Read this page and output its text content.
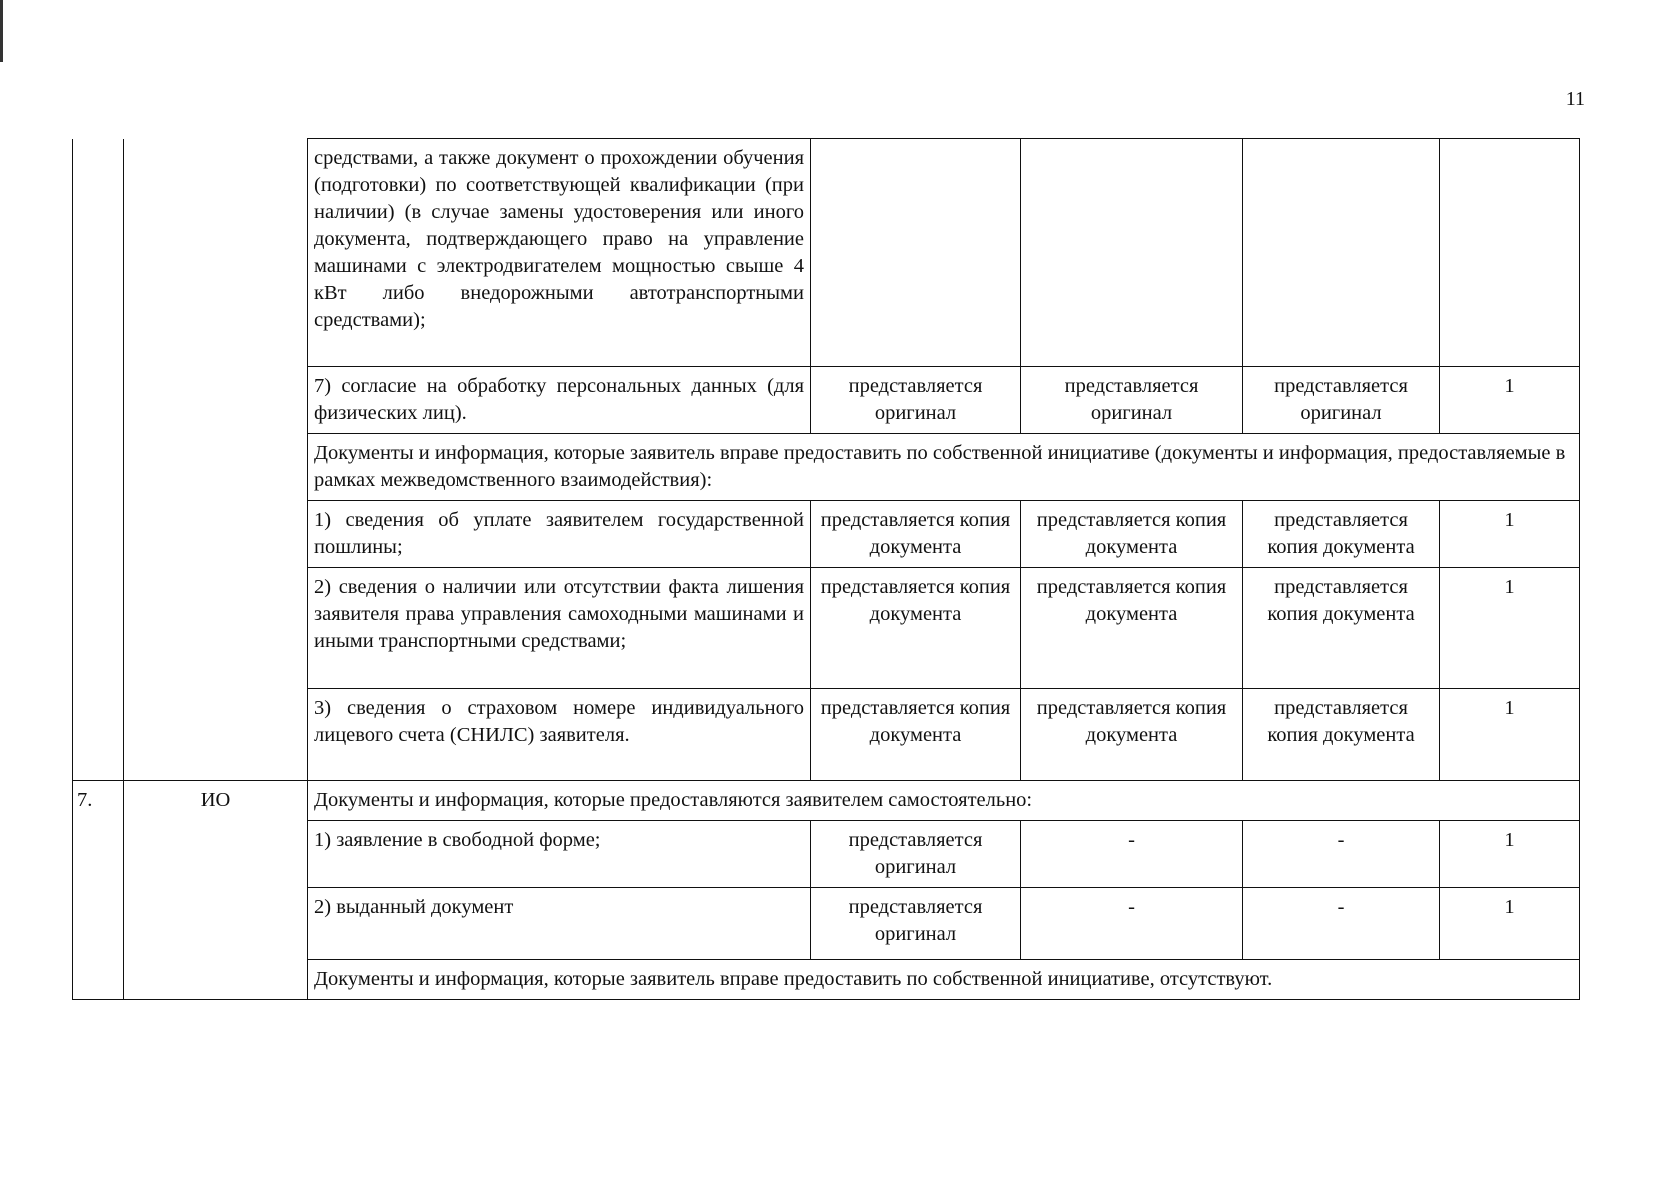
11
		средствами, а также документ о прохождении обучения (подготовки) по соответствующей квалификации (при наличии) (в случае замены удостоверения или иного документа, подтверждающего право на управление машинами с электродвигателем мощностью свыше 4 кВт либо внедорожными автотранспортными средствами);				
		7) согласие на обработку персональных данных (для физических лиц).	представляется оригинал	представляется оригинал	представляется оригинал	1
		Документы и информация, которые заявитель вправе предоставить по собственной инициативе (документы и информация, предоставляемые в рамках межведомственного взаимодействия):				
		1) сведения об уплате заявителем государственной пошлины;	представляется копия документа	представляется копия документа	представляется копия документа	1
		2) сведения о наличии или отсутствии факта лишения заявителя права управления самоходными машинами и иными транспортными средствами;	представляется копия документа	представляется копия документа	представляется копия документа	1
		3) сведения о страховом номере индивидуального лицевого счета (СНИЛС) заявителя.	представляется копия документа	представляется копия документа	представляется копия документа	1
7.	ИО	Документы и информация, которые предоставляются заявителем самостоятельно:				
		1) заявление в свободной форме;	представляется оригинал	-	-	1
		2) выданный документ	представляется оригинал	-	-	1
		Документы и информация, которые заявитель вправе предоставить по собственной инициативе, отсутствуют.				
